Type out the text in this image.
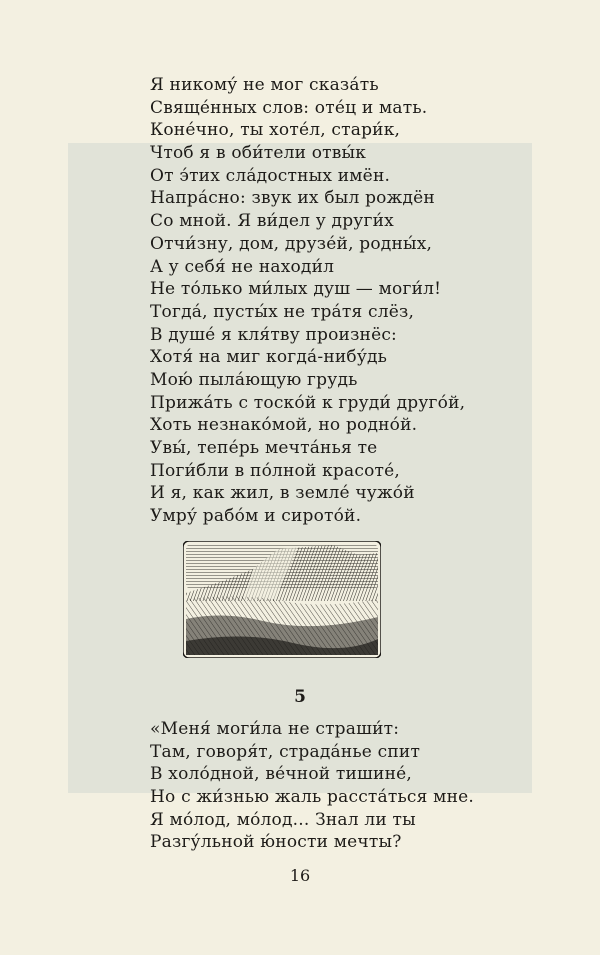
Я никому́ не мог сказа́ть
Свяще́нных слов: оте́ц и мать.
Коне́чно, ты хоте́л, стари́к,
Чтоб я в оби́тели отвы́к
От э́тих сла́достных имён.
Напра́сно: звук их был рождён
Со мной. Я ви́дел у други́х
Отчи́зну, дом, друзе́й, родны́х,
А у себя́ не находи́л
Не то́лько ми́лых душ — моги́л!
Тогда́, пусты́х не тра́тя слёз,
В душе́ я кля́тву произнёс:
Хотя́ на миг когда́-нибу́дь
Мою́ пыла́ющую грудь
Прижа́ть с тоско́й к груди́ друго́й,
Хоть незнако́мой, но родно́й.
Увы́, тепе́рь мечта́нья те
Поги́бли в по́лной красоте́,
И я, как жил, в земле́ чужо́й
Умру́ рабо́м и сирото́й.
5
«Меня́ моги́ла не страши́т:
Там, говоря́т, страда́нье спит
В холо́дной, ве́чной тишине́,
Но с жи́знью жаль расста́ться мне.
Я мо́лод, мо́лод... Знал ли ты
Разгу́льной ю́ности мечты?
16
